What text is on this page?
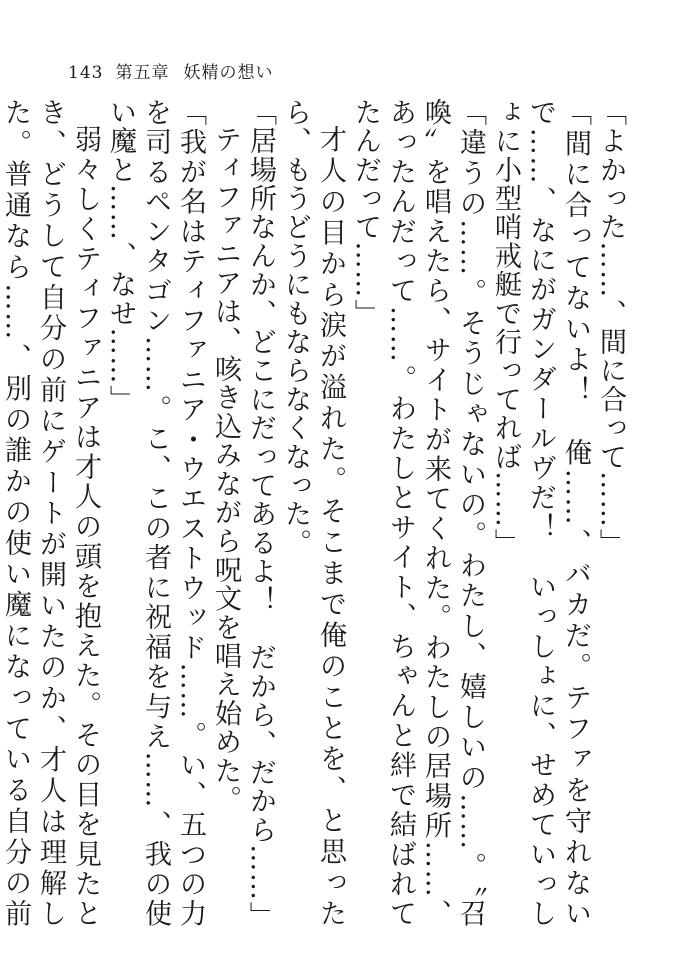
143 第五章 妖精の想い

「よかった……、間に合って……」

「間に合ってないよ！　俺……、バカだ。テファを守れないで……、なにがガンダールヴだ！　いっしょに、せめていっしょに小型哨戒艇で行ってれば……」

「違うの……。そうじゃないの。わたし、嬉しいの……。〝召喚〟を唱えたら、サイトが来てくれた。わたしの居場所……、あったんだって……。わたしとサイト、ちゃんと絆で結ばれてたんだって……」

才人の目から涙が溢れた。そこまで俺のことを、と思ったら、もうどうにもならなくなった。

「居場所なんか、どこにだってあるよ！　だから、だから……」

ティファニアは、咳き込みながら呪文を唱え始めた。

「我が名はティファニア・ウエストウッド……。い、五つの力を司るペンタゴン……。こ、この者に祝福を与え……、我の使い魔と……、なせ……」

弱々しくティファニアは才人の頭を抱えた。その目を見たとき、どうして自分の前にゲートが開いたのか、才人は理解した。普通なら……、別の誰かの使い魔になっている自分の前
